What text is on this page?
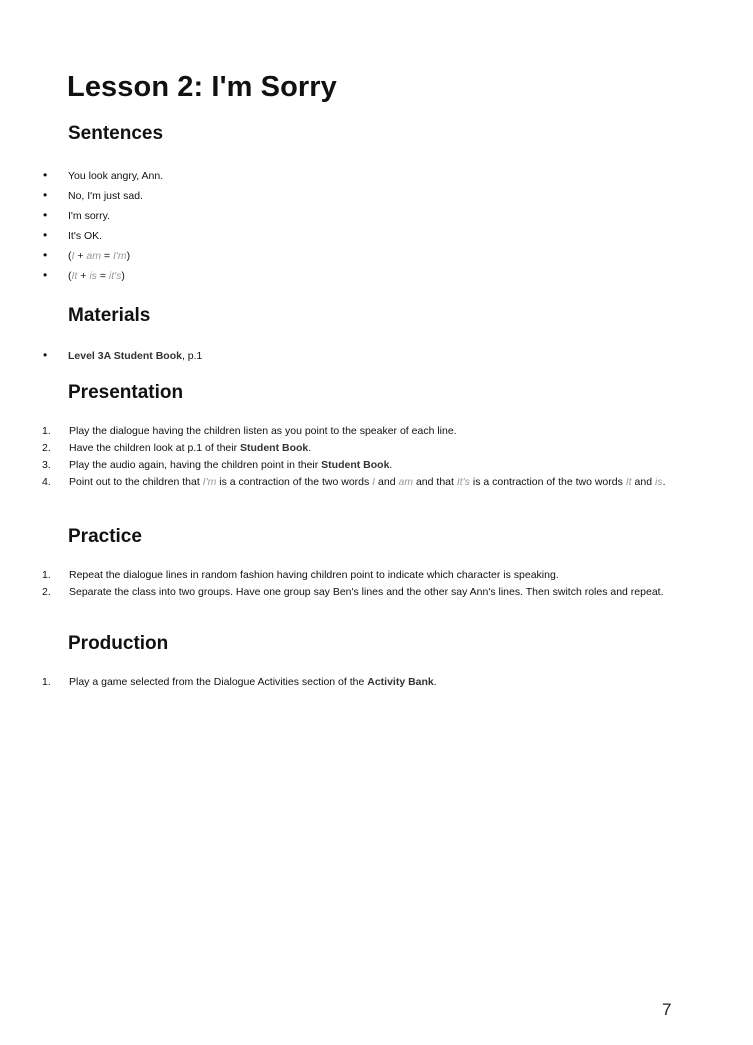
Lesson 2: I'm Sorry
Sentences
• You look angry, Ann.
• No, I'm just sad.
• I'm sorry.
• It's OK.
• (I + am = I'm)
• (It + is = it's)
Materials
• Level 3A Student Book, p.1
Presentation
1.	Play the dialogue having the children listen as you point to the speaker of each line.
2.	Have the children look at p.1 of their Student Book.
3.	Play the audio again, having the children point in their Student Book.
4.	Point out to the children that I'm is a contraction of the two words I and am and that It's is a contraction of the two words It and is.
Practice
1.	Repeat the dialogue lines in random fashion having children point to indicate which character is speaking.
2.	Separate the class into two groups. Have one group say Ben's lines and the other say Ann's lines. Then switch roles and repeat.
Production
1.	Play a game selected from the Dialogue Activities section of the Activity Bank.
7
